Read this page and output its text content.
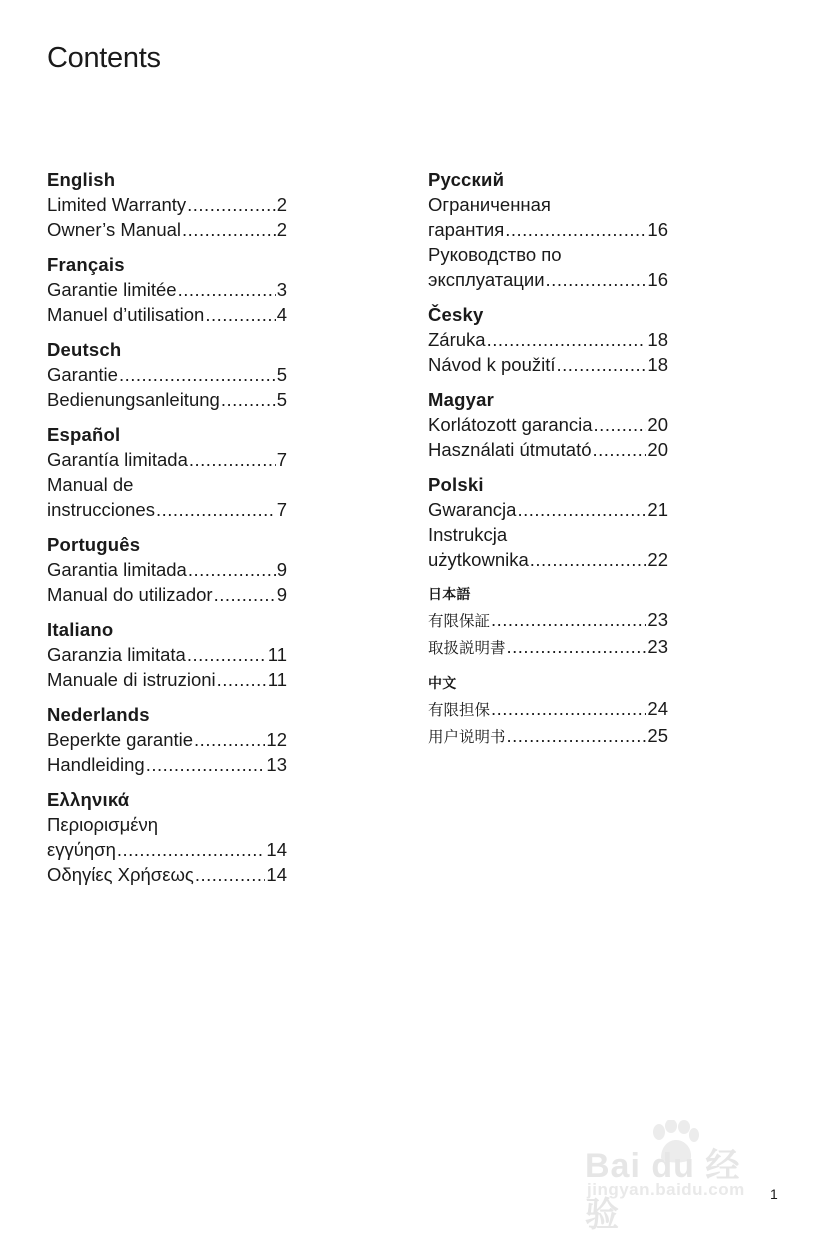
Contents
English
Limited Warranty .....	2
Owner’s Manual .....	2
Français
Garantie limitée .....	3
Manuel d’utilisation .....	4
Deutsch
Garantie .....	5
Bedienungsanleitung .....	5
Español
Garantía limitada .....	7
Manual de
instrucciones .....	7
Português
Garantia limitada .....	9
Manual do utilizador .....	9
Italiano
Garanzia limitata .....	11
Manuale di istruzioni .....	11
Nederlands
Beperkte garantie .....	12
Handleiding .....	13
Ελληνικά
Περιορισμένη
εγγύηση .....	14
Οδηγίες Χρήσεως .....	14
Русский
Ограниченная
гарантия .....	16
Руководство по
эксплуатации .....	16
Česky
Záruka .....	18
Návod k použití .....	18
Magyar
Korlátozott garancia .....	20
Használati útmutató .....	20
Polski
Gwarancja .....	21
Instrukcja
użytkownika .....	22
日本語
有限保証 .....	23
取扱説明書 .....	23
中文
有限担保 .....	24
用户说明书 .....	25
Bai du 经验
jingyan.baidu.com 1
